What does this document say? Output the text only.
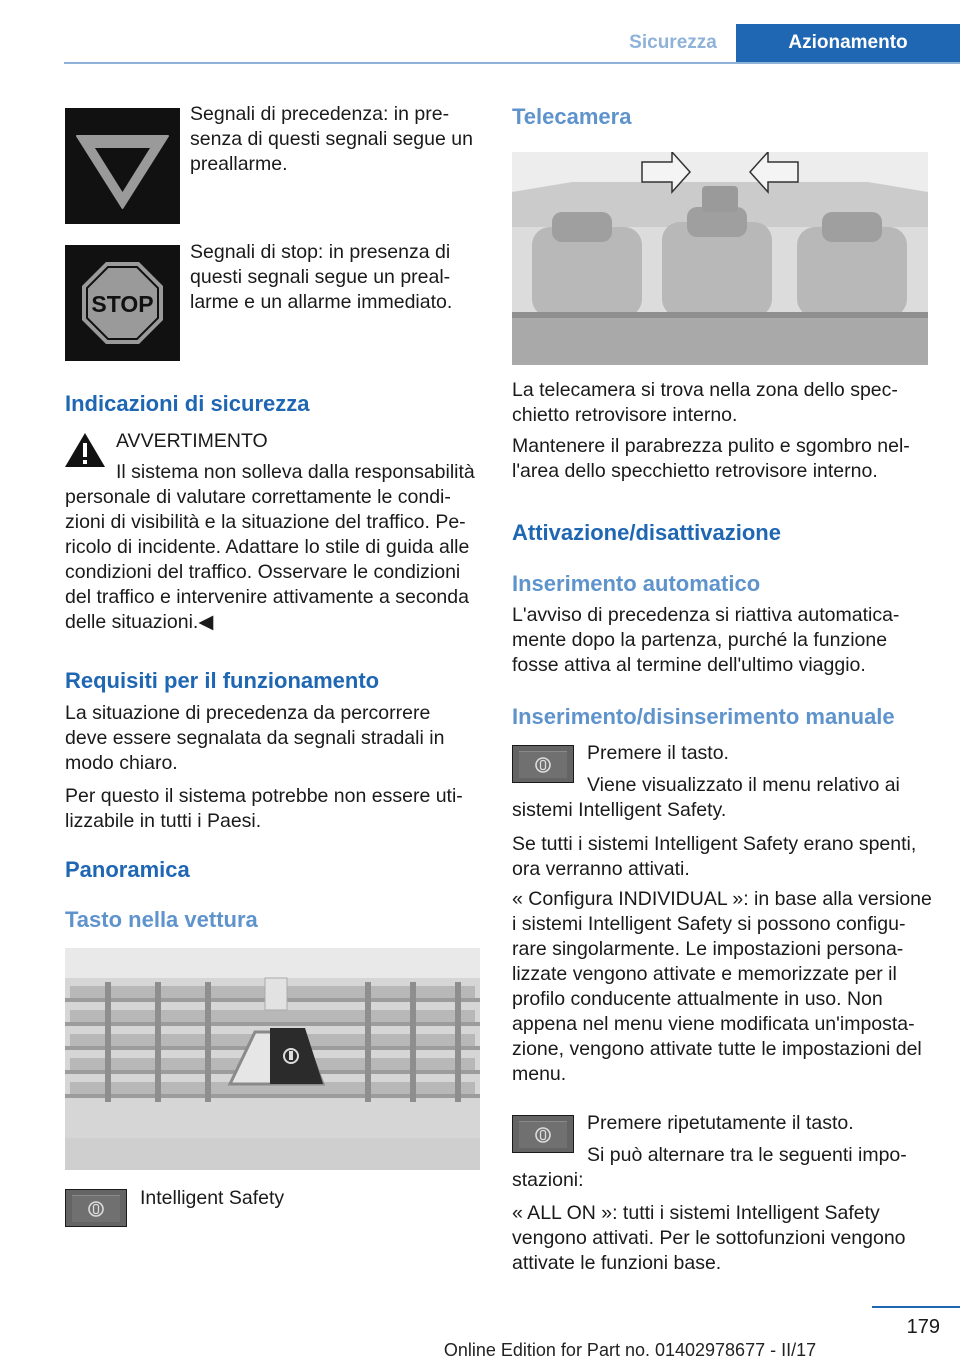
Sicurezza	Azionamento

Segnali di precedenza: in pre‐senza di questi segnali segue un preallarme.

STOP

Segnali di stop: in presenza di questi segnali segue un preal‐larme e un allarme immediato.

Indicazioni di sicurezza

AVVERTIMENTO

Il sistema non solleva dalla responsabilità personale di valutare correttamente le condi‐zioni di visibilità e la situazione del traffico. Pe‐ricolo di incidente. Adattare lo stile di guida alle condizioni del traffico. Osservare le condizioni del traffico e intervenire attivamente a seconda delle situazioni.◀

Requisiti per il funzionamento

La situazione di precedenza da percorrere deve essere segnalata da segnali stradali in modo chiaro.

Per questo il sistema potrebbe non essere uti‐lizzabile in tutti i Paesi.

Panoramica

Tasto nella vettura

Intelligent Safety

Telecamera

La telecamera si trova nella zona dello spec‐chietto retrovisore interno.

Mantenere il parabrezza pulito e sgombro nel‐l'area dello specchietto retrovisore interno.

Attivazione/disattivazione

Inserimento automatico

L'avviso di precedenza si riattiva automatica‐mente dopo la partenza, purché la funzione fosse attiva al termine dell'ultimo viaggio.

Inserimento/disinserimento manuale

Premere il tasto.

Viene visualizzato il menu relativo ai sistemi Intelligent Safety.

Se tutti i sistemi Intelligent Safety erano spenti, ora verranno attivati.

« Configura INDIVIDUAL »: in base alla versione i sistemi Intelligent Safety si possono configu‐rare singolarmente. Le impostazioni persona‐lizzate vengono attivate e memorizzate per il profilo conducente attualmente in uso. Non appena nel menu viene modificata un'imposta‐zione, vengono attivate tutte le impostazioni del menu.

Premere ripetutamente il tasto.

Si può alternare tra le seguenti impo‐stazioni:

« ALL ON »: tutti i sistemi Intelligent Safety vengono attivati. Per le sottofunzioni vengono attivate le funzioni base.

179
Online Edition for Part no. 01402978677 - II/17
